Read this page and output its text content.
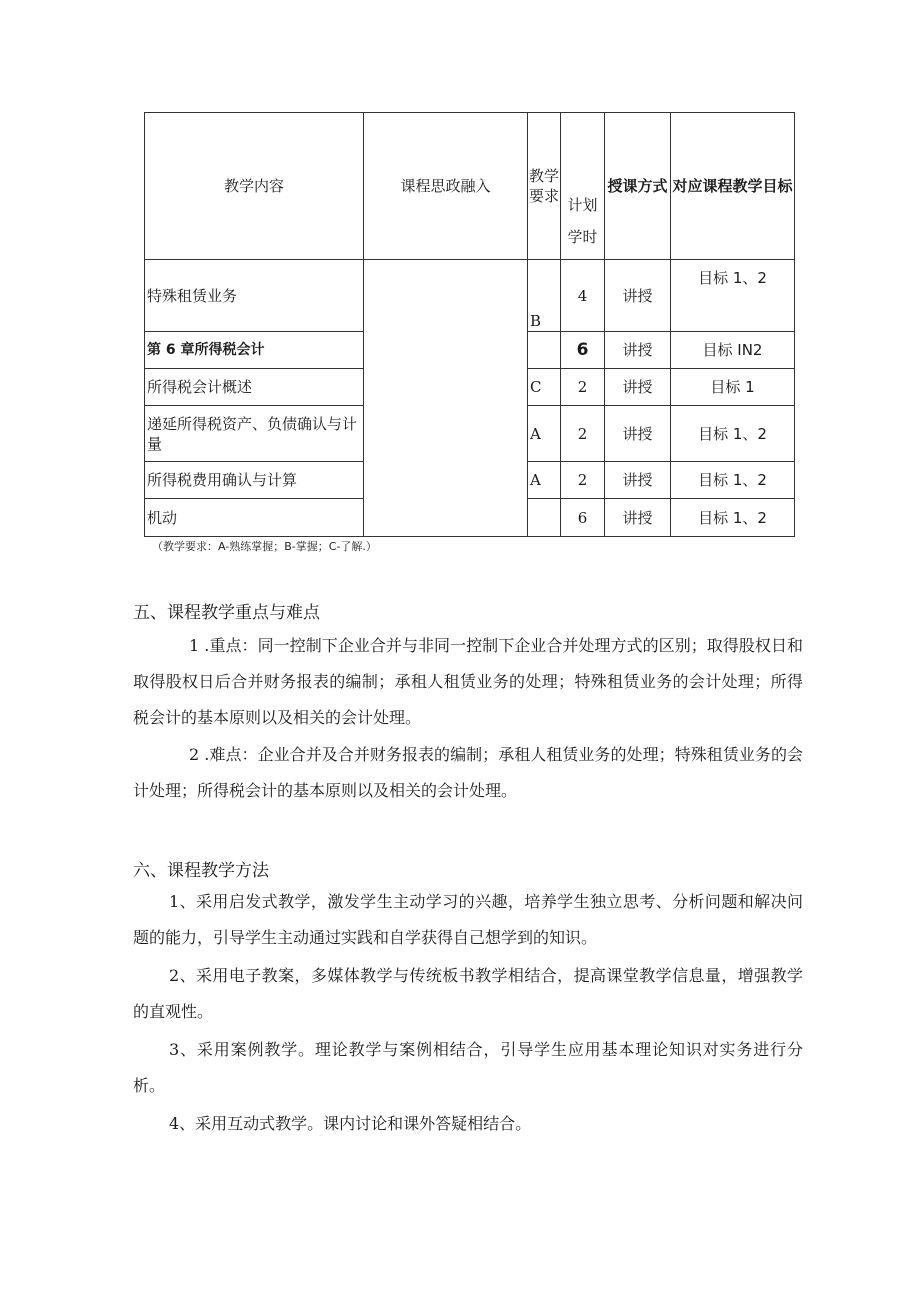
教学内容	课程思政融入	教学要求	计划学时	授课方式	对应课程教学目标
特殊租赁业务		B	4	讲授	目标 1、2
第 6 章所得税会计			6	讲授	目标 IN2
所得税会计概述		C	2	讲授	目标 1
递延所得税资产、负债确认与计量		A	2	讲授	目标 1、2
所得税费用确认与计算		A	2	讲授	目标 1、2
机动			6	讲授	目标 1、2
（教学要求：A-熟练掌握；B-掌握；C-了解.）
五、课程教学重点与难点
1 .重点：同一控制下企业合并与非同一控制下企业合并处理方式的区别；取得股权日和取得股权日后合并财务报表的编制；承租人租赁业务的处理；特殊租赁业务的会计处理；所得税会计的基本原则以及相关的会计处理。
2 .难点：企业合并及合并财务报表的编制；承租人租赁业务的处理；特殊租赁业务的会计处理；所得税会计的基本原则以及相关的会计处理。
六、课程教学方法
1、采用启发式教学，激发学生主动学习的兴趣，培养学生独立思考、分析问题和解决问题的能力，引导学生主动通过实践和自学获得自己想学到的知识。
2、采用电子教案，多媒体教学与传统板书教学相结合，提高课堂教学信息量，增强教学的直观性。
3、采用案例教学。理论教学与案例相结合，引导学生应用基本理论知识对实务进行分析。
4、采用互动式教学。课内讨论和课外答疑相结合。
